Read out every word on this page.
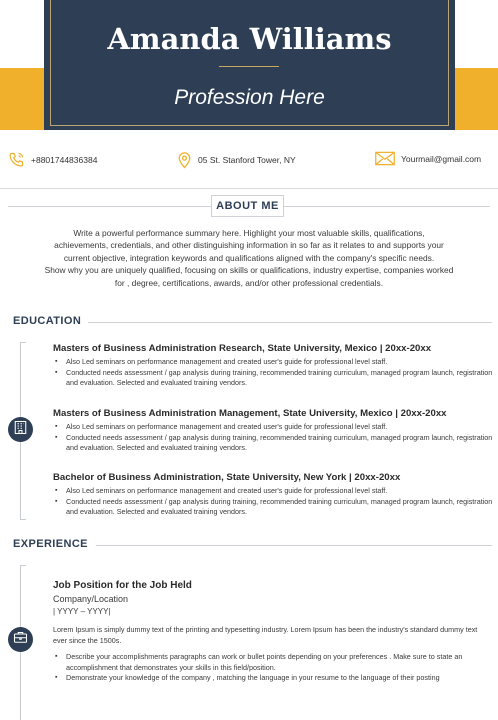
Amanda Williams
Profession Here
+8801744836384	05 St. Stanford Tower, NY	Yourmail@gmail.com
ABOUT ME
Write a powerful performance summary here. Highlight your most valuable skills, qualifications,
achievements, credentials, and other distinguishing information in so far as it relates to and supports your
current objective, integration keywords and qualifications aligned with the company's specific needs.
Show why you are uniquely qualified, focusing on skills or qualifications, industry expertise, companies worked
for , degree, certifications, awards, and/or other professional credentials.
EDUCATION
Masters of Business Administration Research, State University, Mexico | 20xx-20xx
▪ Also Led seminars on performance management and created user's guide for professional level staff.
▪ Conducted needs assessment / gap analysis during training, recommended training curriculum, managed program launch, registration and evaluation. Selected and evaluated training vendors.
Masters of Business Administration Management, State University, Mexico | 20xx-20xx
▪ Also Led seminars on performance management and created user's guide for professional level staff.
▪ Conducted needs assessment / gap analysis during training, recommended training curriculum, managed program launch, registration and evaluation. Selected and evaluated training vendors.
Bachelor of Business Administration, State University, New York | 20xx-20xx
▪ Also Led seminars on performance management and created user's guide for professional level staff.
▪ Conducted needs assessment / gap analysis during training, recommended training curriculum, managed program launch, registration and evaluation. Selected and evaluated training vendors.
EXPERIENCE
Job Position for the Job Held
Company/Location
| YYYY – YYYY|
Lorem Ipsum is simply dummy text of the printing and typesetting industry. Lorem Ipsum has been the industry's standard dummy text ever since the 1500s.
▪ Describe your accomplishments paragraphs can work or bullet points depending on your preferences . Make sure to state an accomplishment that demonstrates your skills in this field/position.
▪ Demonstrate your knowledge of the company , matching the language in your resume to the language of their posting
